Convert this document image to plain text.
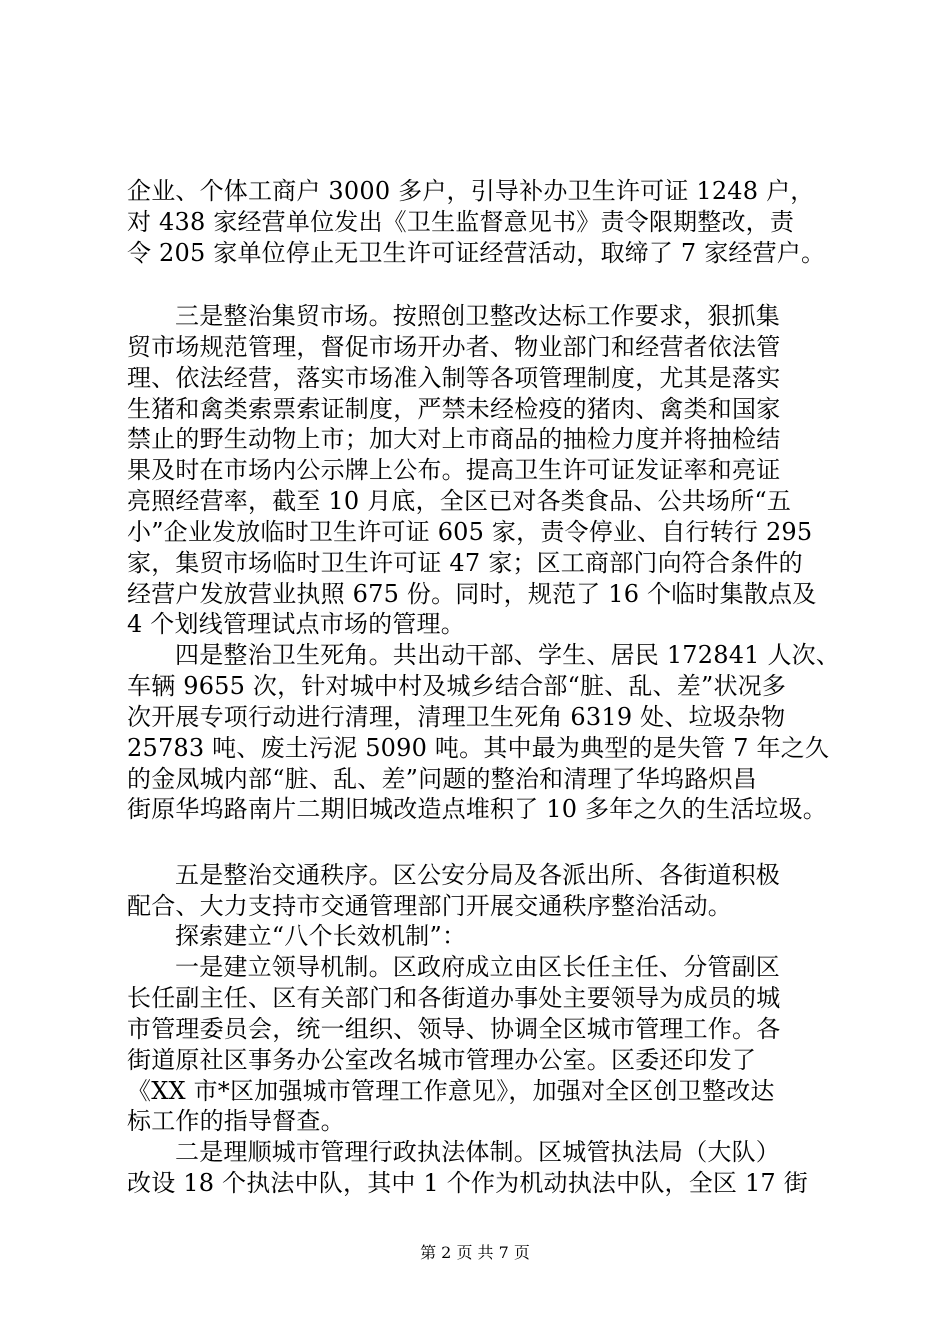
企业、个体工商户 3000 多户，引导补办卫生许可证 1248 户，
对 438 家经营单位发出《卫生监督意见书》责令限期整改，责
令 205 家单位停止无卫生许可证经营活动，取缔了 7 家经营户。
三是整治集贸市场。按照创卫整改达标工作要求，狠抓集
贸市场规范管理，督促市场开办者、物业部门和经营者依法管
理、依法经营，落实市场准入制等各项管理制度，尤其是落实
生猪和禽类索票索证制度，严禁未经检疫的猪肉、禽类和国家
禁止的野生动物上市；加大对上市商品的抽检力度并将抽检结
果及时在市场内公示牌上公布。提高卫生许可证发证率和亮证
亮照经营率，截至 10 月底，全区已对各类食品、公共场所“五
小”企业发放临时卫生许可证 605 家，责令停业、自行转行 295
家，集贸市场临时卫生许可证 47 家；区工商部门向符合条件的
经营户发放营业执照 675 份。同时，规范了 16 个临时集散点及
4 个划线管理试点市场的管理。
四是整治卫生死角。共出动干部、学生、居民 172841 人次、
车辆 9655 次，针对城中村及城乡结合部“脏、乱、差”状况多
次开展专项行动进行清理，清理卫生死角 6319 处、垃圾杂物
25783 吨、废土污泥 5090 吨。其中最为典型的是失管 7 年之久
的金凤城内部“脏、乱、差”问题的整治和清理了华坞路炽昌
街原华坞路南片二期旧城改造点堆积了 10 多年之久的生活垃圾。
五是整治交通秩序。区公安分局及各派出所、各街道积极
配合、大力支持市交通管理部门开展交通秩序整治活动。
探索建立“八个长效机制”：
一是建立领导机制。区政府成立由区长任主任、分管副区
长任副主任、区有关部门和各街道办事处主要领导为成员的城
市管理委员会，统一组织、领导、协调全区城市管理工作。各
街道原社区事务办公室改名城市管理办公室。区委还印发了
《XX 市*区加强城市管理工作意见》，加强对全区创卫整改达
标工作的指导督查。
二是理顺城市管理行政执法体制。区城管执法局（大队）
改设 18 个执法中队，其中 1 个作为机动执法中队，全区 17 街
第 2 页 共 7 页
